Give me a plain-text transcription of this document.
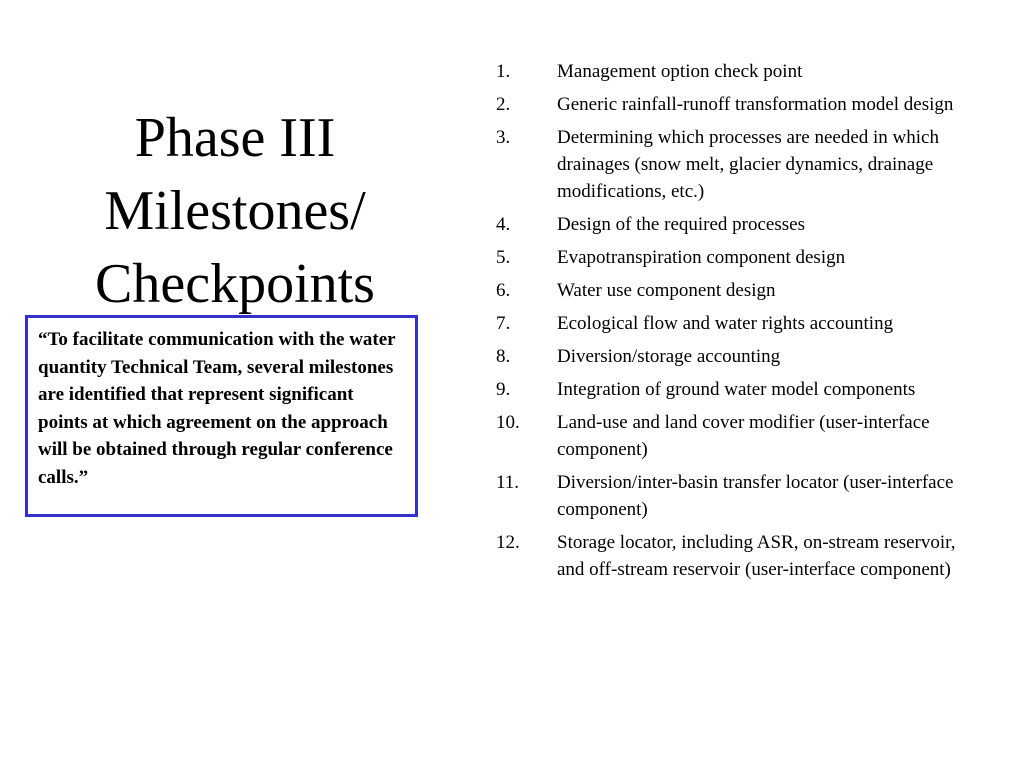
Phase III
Milestones/
Checkpoints

“To facilitate communication with the water quantity Technical Team, several milestones are identified that represent significant points at which agreement on the approach will be obtained through regular conference calls.”

1.	Management option check point
2.	Generic rainfall-runoff transformation model design
3.	Determining which processes are needed in which drainages (snow melt, glacier dynamics, drainage modifications, etc.)
4.	Design of the required processes
5.	Evapotranspiration component design
6.	Water use component design
7.	Ecological flow and water rights accounting
8.	Diversion/storage accounting
9.	Integration of ground water model components
10.	Land-use and land cover modifier (user-interface component)
11.	Diversion/inter-basin transfer locator (user-interface component)
12.	Storage locator, including ASR, on-stream reservoir, and off-stream reservoir (user-interface component)
